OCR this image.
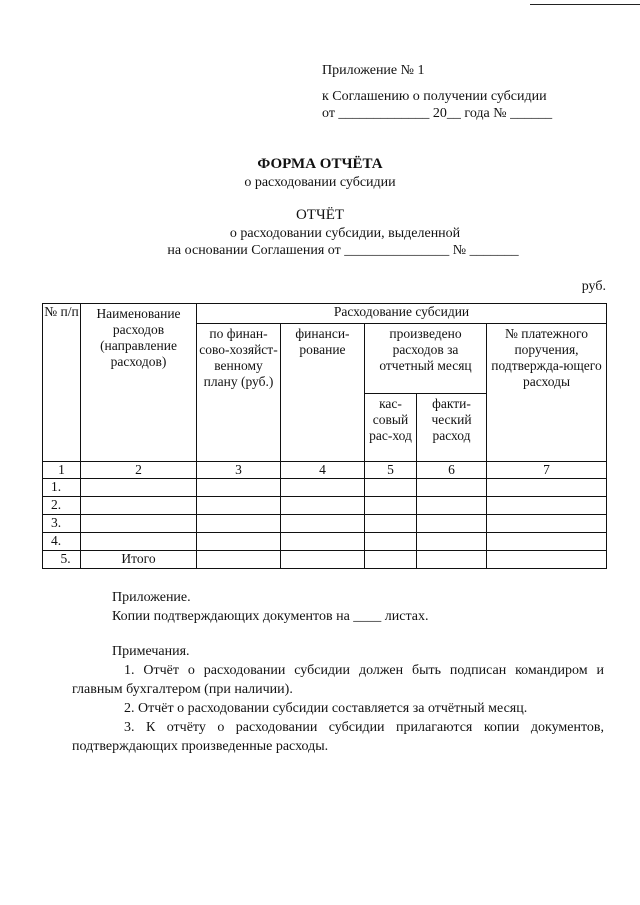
Приложение № 1
к Соглашению о получении субсидии
от _____________ 20__ года № ______
ФОРМА ОТЧЁТА
о расходовании субсидии
ОТЧЁТ
о расходовании субсидии, выделенной
на основании Соглашения от _______________ № _______
руб.
№ п/п	Наименование расходов (направление расходов)	Расходование субсидии				
		по финан-сово-хозяйст-венному плану (руб.)	финанси-рование	произведено расходов за отчетный месяц		№ платежного поручения, подтвержда-ющего расходы
				кас-совый рас-ход	факти-ческий расход	
1	2	3	4	5	6	7
1.						
2.						
3.						
4.						
5.	Итого					
Приложение.
Копии подтверждающих документов на ____ листах.
Примечания.
1. Отчёт о расходовании субсидии должен быть подписан командиром и
главным бухгалтером (при наличии).
2. Отчёт о расходовании субсидии составляется за отчётный месяц.
3. К отчёту о расходовании субсидии прилагаются копии документов,
подтверждающих произведенные расходы.
